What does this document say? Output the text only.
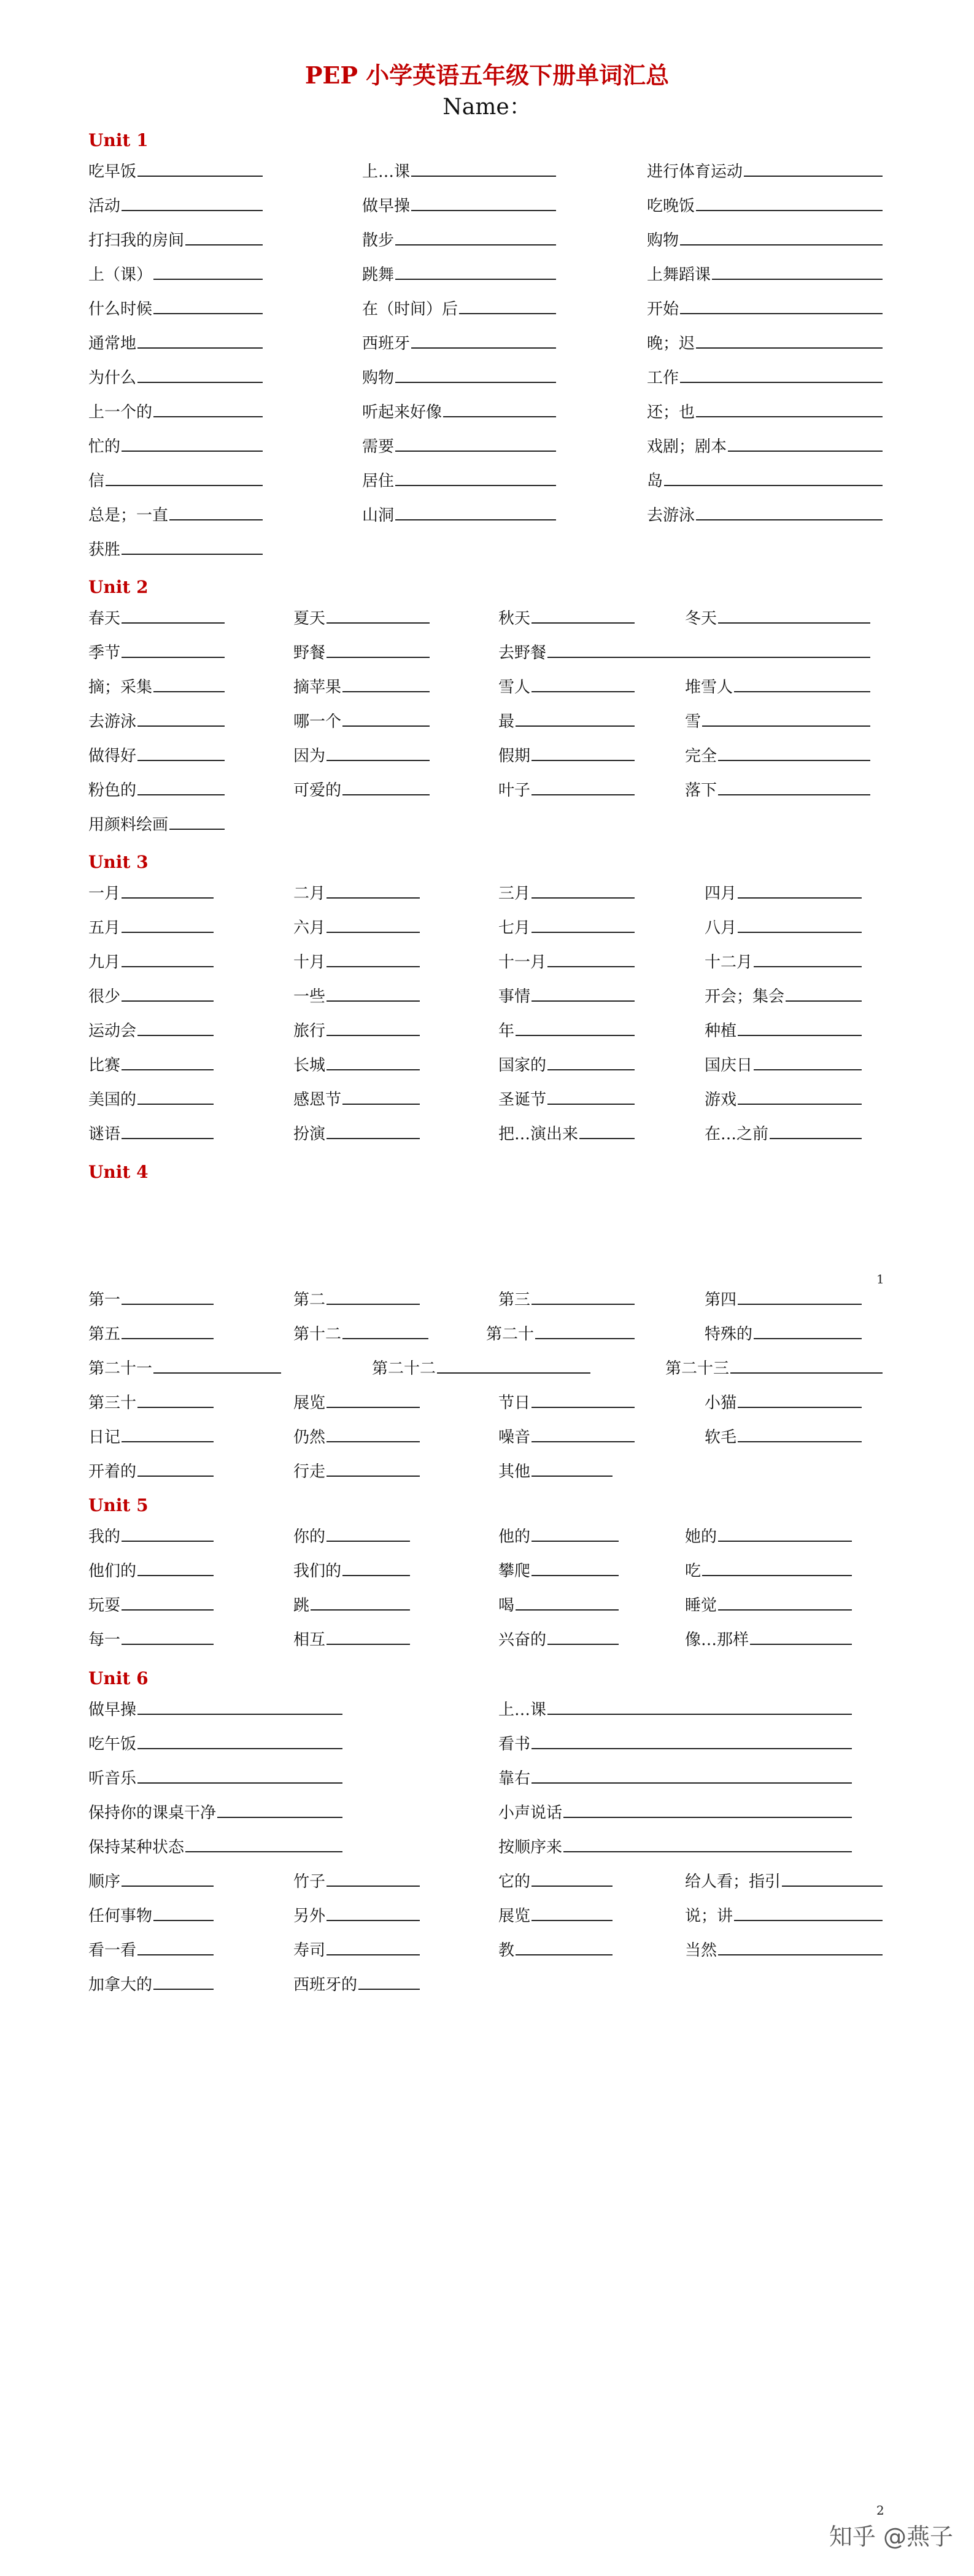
PEP 小学英语五年级下册单词汇总
Name：
Unit 1
吃早饭	上…课	进行体育运动
活动	做早操	吃晚饭
打扫我的房间	散步	购物
上（课）	跳舞	上舞蹈课
什么时候	在（时间）后	开始
通常地	西班牙	晚；迟
为什么	购物	工作
上一个的	听起来好像	还；也
忙的	需要	戏剧；剧本
信	居住	岛
总是；一直	山洞	去游泳
获胜
Unit 2
春天	夏天	秋天	冬天
季节	野餐	去野餐
摘；采集	摘苹果	雪人	堆雪人
去游泳	哪一个	最	雪
做得好	因为	假期	完全
粉色的	可爱的	叶子	落下
用颜料绘画
Unit 3
一月	二月	三月	四月
五月	六月	七月	八月
九月	十月	十一月	十二月
很少	一些	事情	开会；集会
运动会	旅行	年	种植
比赛	长城	国家的	国庆日
美国的	感恩节	圣诞节	游戏
谜语	扮演	把…演出来	在…之前
Unit 4
第一	第二	第三	第四
第五	第十二	第二十	特殊的
第二十一	第二十二	第二十三
第三十	展览	节日	小猫
日记	仍然	噪音	软毛
开着的	行走	其他
Unit 5
我的	你的	他的	她的
他们的	我们的	攀爬	吃
玩耍	跳	喝	睡觉
每一	相互	兴奋的	像…那样
Unit 6
做早操	上…课
吃午饭	看书
听音乐	靠右
保持你的课桌干净	小声说话
保持某种状态	按顺序来
顺序	竹子	它的	给人看；指引
任何事物	另外	展览	说；讲
看一看	寿司	教	当然
加拿大的	西班牙的
1
2
知乎 @燕子
